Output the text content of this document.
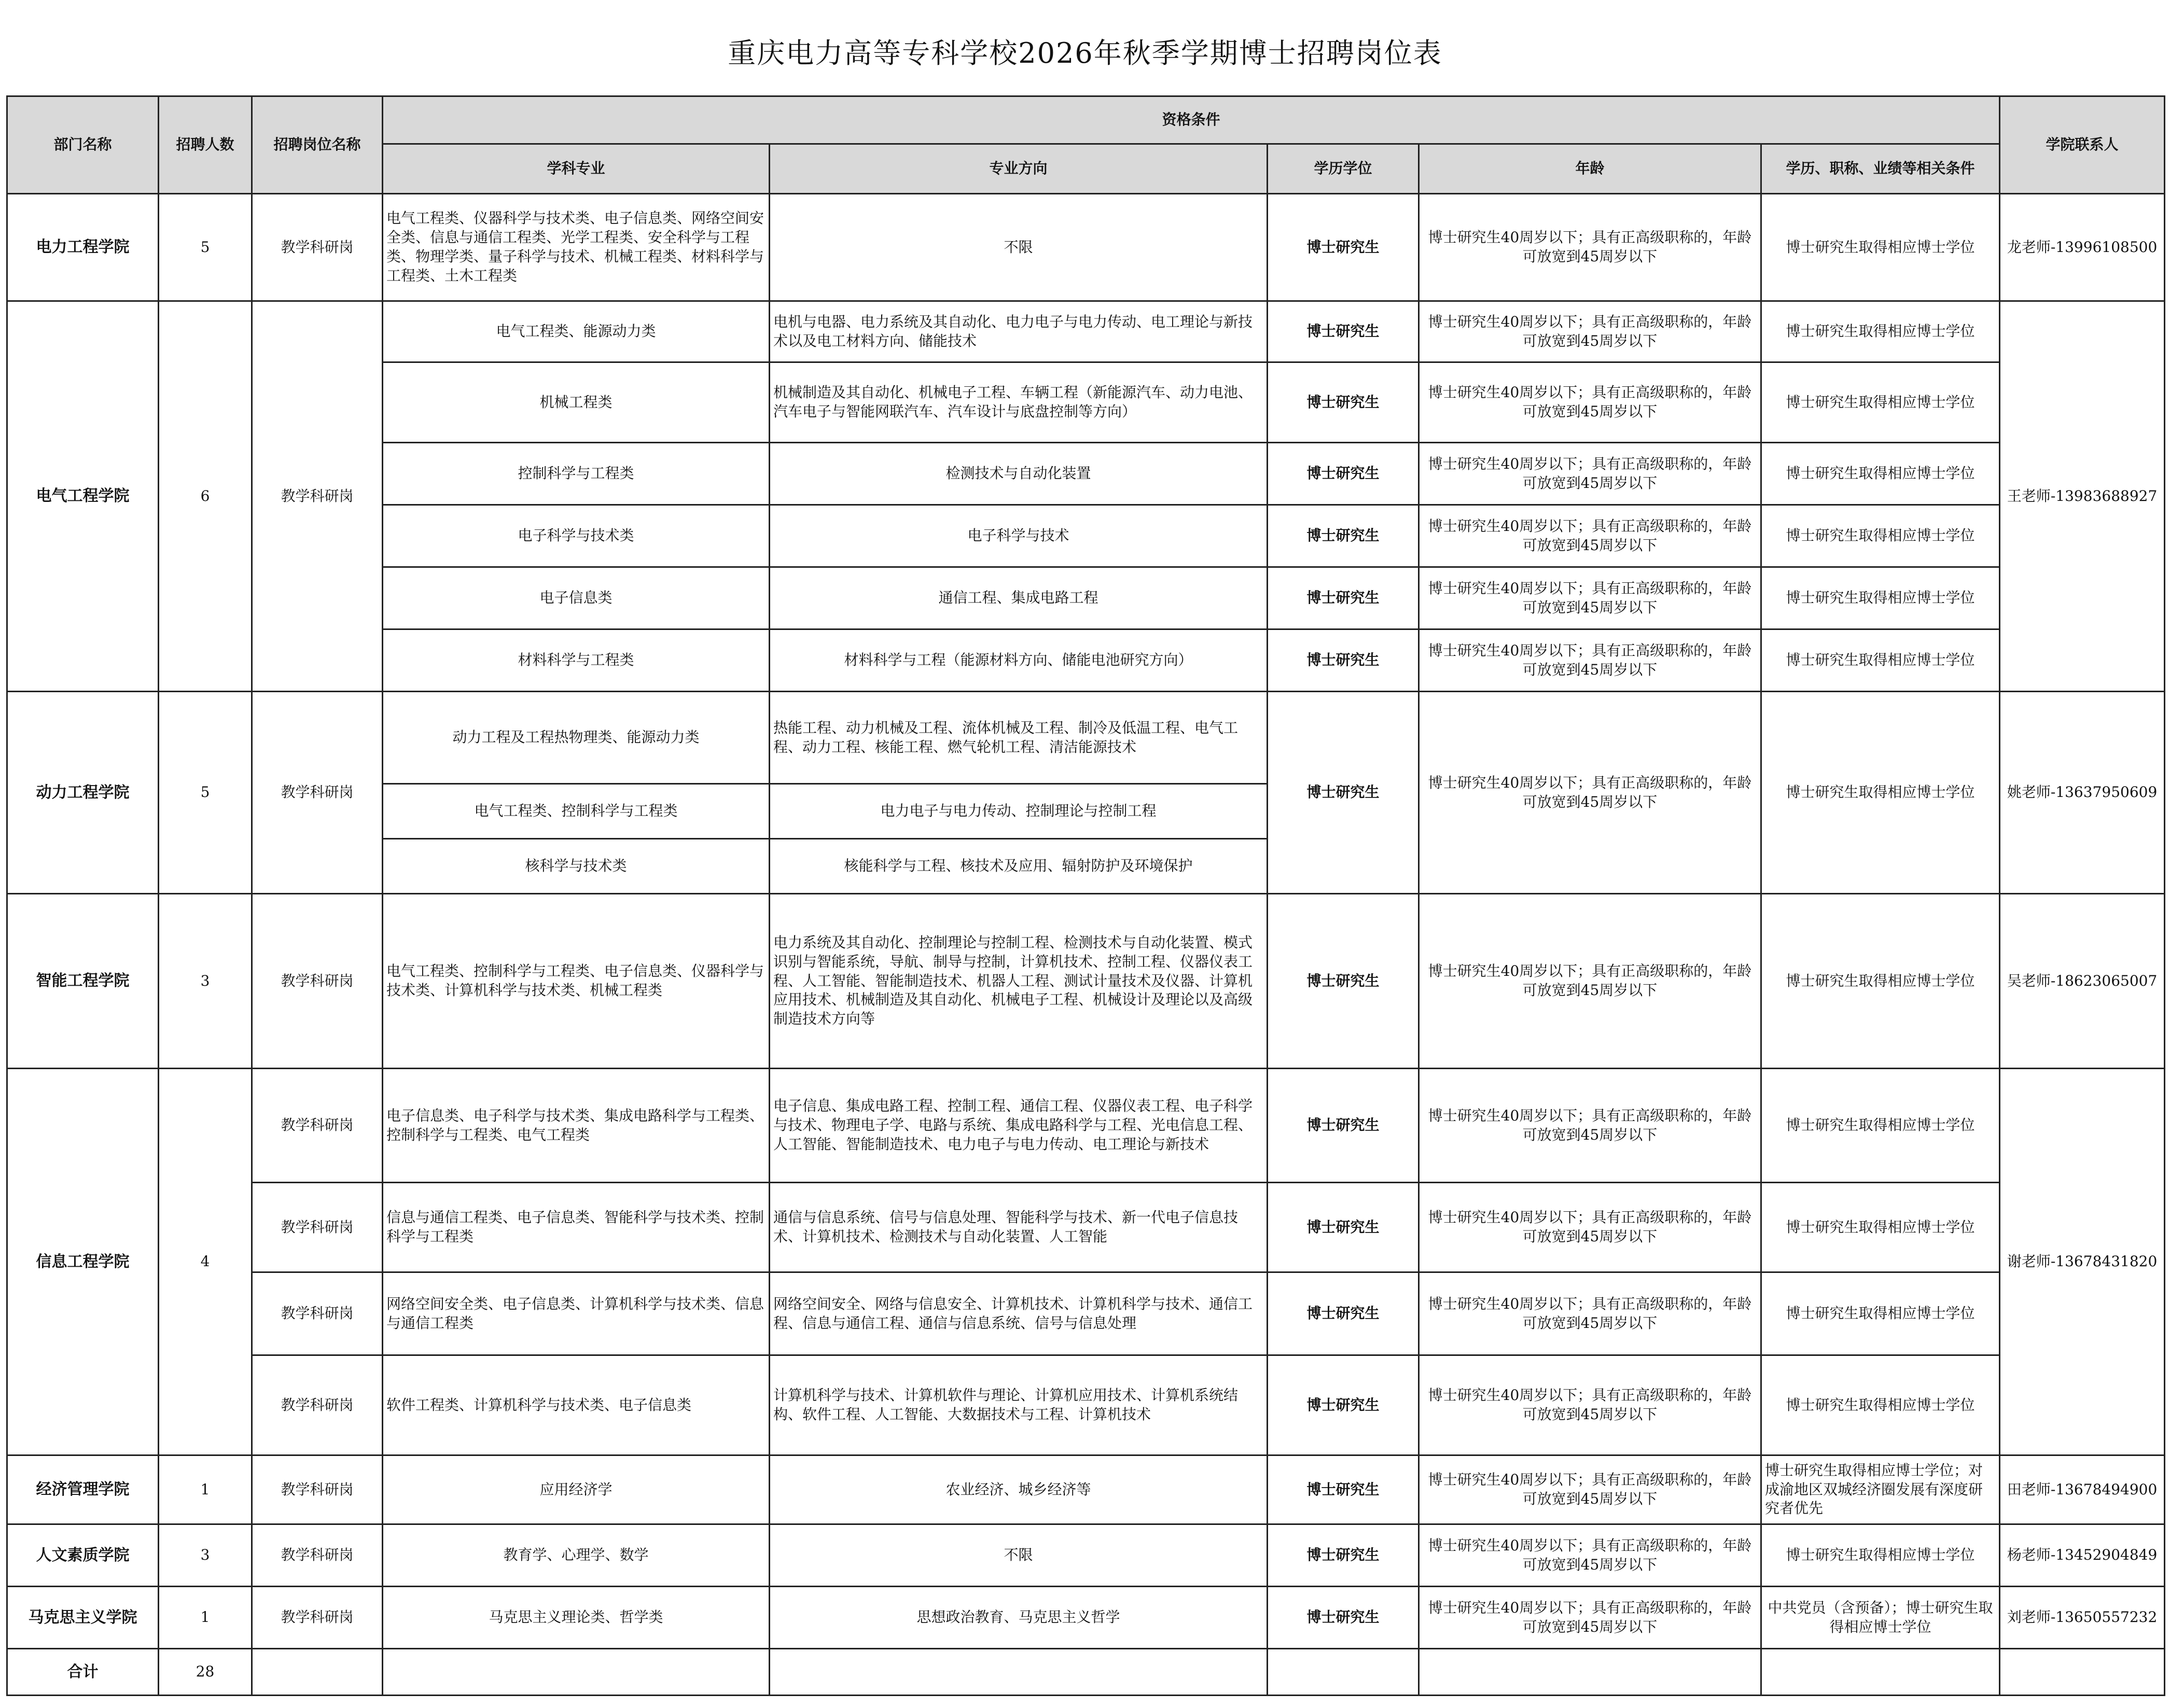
重庆电力高等专科学校2026年秋季学期博士招聘岗位表
部门名称	招聘人数	招聘岗位名称	资格条件					学院联系人
			学科专业	专业方向	学历学位	年龄	学历、职称、业绩等相关条件	
电力工程学院	5	教学科研岗	电气工程类、仪器科学与技术类、电子信息类、网络空间安全类、信息与通信工程类、光学工程类、安全科学与工程类、物理学类、量子科学与技术、机械工程类、材料科学与工程类、土木工程类	不限	博士研究生	博士研究生40周岁以下；具有正高级职称的，年龄可放宽到45周岁以下	博士研究生取得相应博士学位	龙老师-13996108500
电气工程学院	6	教学科研岗	电气工程类、能源动力类	电机与电器、电力系统及其自动化、电力电子与电力传动、电工理论与新技术以及电工材料方向、储能技术	博士研究生	博士研究生40周岁以下；具有正高级职称的，年龄可放宽到45周岁以下	博士研究生取得相应博士学位	王老师-13983688927
			机械工程类	机械制造及其自动化、机械电子工程、车辆工程（新能源汽车、动力电池、汽车电子与智能网联汽车、汽车设计与底盘控制等方向）	博士研究生	博士研究生40周岁以下；具有正高级职称的，年龄可放宽到45周岁以下	博士研究生取得相应博士学位	
			控制科学与工程类	检测技术与自动化装置	博士研究生	博士研究生40周岁以下；具有正高级职称的，年龄可放宽到45周岁以下	博士研究生取得相应博士学位	
			电子科学与技术类	电子科学与技术	博士研究生	博士研究生40周岁以下；具有正高级职称的，年龄可放宽到45周岁以下	博士研究生取得相应博士学位	
			电子信息类	通信工程、集成电路工程	博士研究生	博士研究生40周岁以下；具有正高级职称的，年龄可放宽到45周岁以下	博士研究生取得相应博士学位	
			材料科学与工程类	材料科学与工程（能源材料方向、储能电池研究方向）	博士研究生	博士研究生40周岁以下；具有正高级职称的，年龄可放宽到45周岁以下	博士研究生取得相应博士学位	
动力工程学院	5	教学科研岗	动力工程及工程热物理类、能源动力类	热能工程、动力机械及工程、流体机械及工程、制冷及低温工程、电气工程、动力工程、核能工程、燃气轮机工程、清洁能源技术	博士研究生	博士研究生40周岁以下；具有正高级职称的，年龄可放宽到45周岁以下	博士研究生取得相应博士学位	姚老师-13637950609
			电气工程类、控制科学与工程类	电力电子与电力传动、控制理论与控制工程				
			核科学与技术类	核能科学与工程、核技术及应用、辐射防护及环境保护				
智能工程学院	3	教学科研岗	电气工程类、控制科学与工程类、电子信息类、仪器科学与技术类、计算机科学与技术类、机械工程类	电力系统及其自动化、控制理论与控制工程、检测技术与自动化装置、模式识别与智能系统，导航、制导与控制，计算机技术、控制工程、仪器仪表工程、人工智能、智能制造技术、机器人工程、测试计量技术及仪器、计算机应用技术、机械制造及其自动化、机械电子工程、机械设计及理论以及高级制造技术方向等	博士研究生	博士研究生40周岁以下；具有正高级职称的，年龄可放宽到45周岁以下	博士研究生取得相应博士学位	吴老师-18623065007
信息工程学院	4	教学科研岗	电子信息类、电子科学与技术类、集成电路科学与工程类、控制科学与工程类、电气工程类	电子信息、集成电路工程、控制工程、通信工程、仪器仪表工程、电子科学与技术、物理电子学、电路与系统、集成电路科学与工程、光电信息工程、人工智能、智能制造技术、电力电子与电力传动、电工理论与新技术	博士研究生	博士研究生40周岁以下；具有正高级职称的，年龄可放宽到45周岁以下	博士研究生取得相应博士学位	谢老师-13678431820
		教学科研岗	信息与通信工程类、电子信息类、智能科学与技术类、控制科学与工程类	通信与信息系统、信号与信息处理、智能科学与技术、新一代电子信息技术、计算机技术、检测技术与自动化装置、人工智能	博士研究生	博士研究生40周岁以下；具有正高级职称的，年龄可放宽到45周岁以下	博士研究生取得相应博士学位	
		教学科研岗	网络空间安全类、电子信息类、计算机科学与技术类、信息与通信工程类	网络空间安全、网络与信息安全、计算机技术、计算机科学与技术、通信工程、信息与通信工程、通信与信息系统、信号与信息处理	博士研究生	博士研究生40周岁以下；具有正高级职称的，年龄可放宽到45周岁以下	博士研究生取得相应博士学位	
		教学科研岗	软件工程类、计算机科学与技术类、电子信息类	计算机科学与技术、计算机软件与理论、计算机应用技术、计算机系统结构、软件工程、人工智能、大数据技术与工程、计算机技术	博士研究生	博士研究生40周岁以下；具有正高级职称的，年龄可放宽到45周岁以下	博士研究生取得相应博士学位	
经济管理学院	1	教学科研岗	应用经济学	农业经济、城乡经济等	博士研究生	博士研究生40周岁以下；具有正高级职称的，年龄可放宽到45周岁以下	博士研究生取得相应博士学位；对成渝地区双城经济圈发展有深度研究者优先	田老师-13678494900
人文素质学院	3	教学科研岗	教育学、心理学、数学	不限	博士研究生	博士研究生40周岁以下；具有正高级职称的，年龄可放宽到45周岁以下	博士研究生取得相应博士学位	杨老师-13452904849
马克思主义学院	1	教学科研岗	马克思主义理论类、哲学类	思想政治教育、马克思主义哲学	博士研究生	博士研究生40周岁以下；具有正高级职称的，年龄可放宽到45周岁以下	中共党员（含预备）；博士研究生取得相应博士学位	刘老师-13650557232
合计	28							
